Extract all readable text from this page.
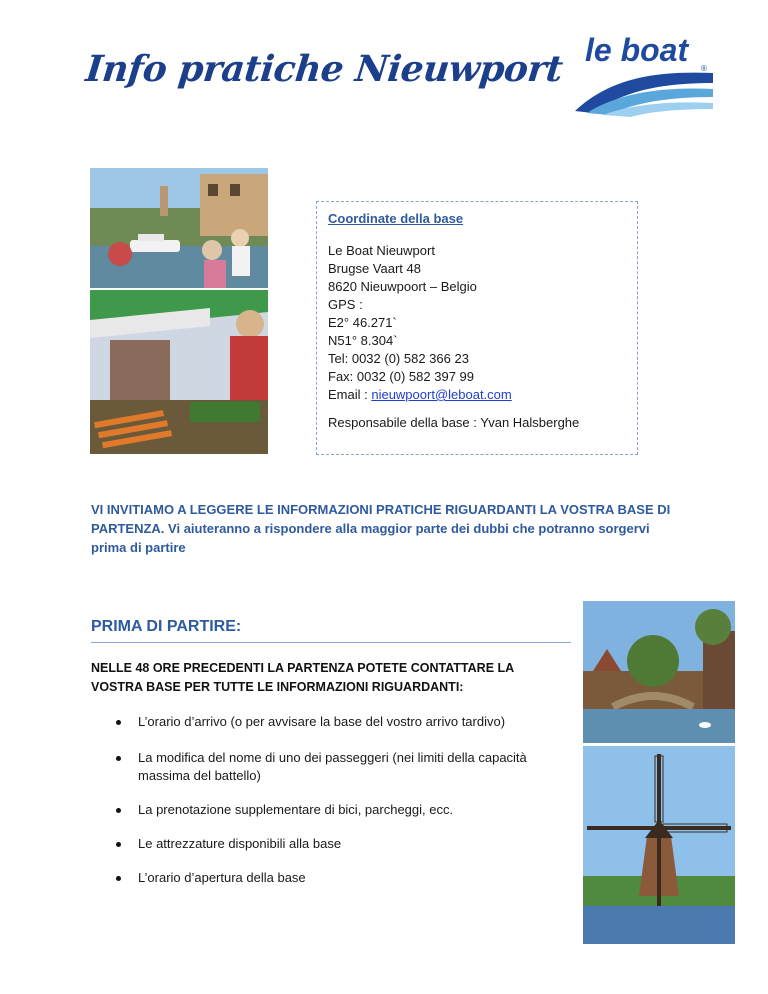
Info pratiche Nieuwport le boat
®
Coordinate della base
Le Boat Nieuwport
Brugse Vaart 48
8620 Nieuwpoort – Belgio
GPS :
E2° 46.271`
N51° 8.304`
Tel: 0032 (0) 582 366 23
Fax: 0032 (0) 582 397 99
Email : nieuwpoort@leboat.com
Responsabile della base : Yvan Halsberghe

VI INVITIAMO A LEGGERE LE INFORMAZIONI PRATICHE RIGUARDANTI LA VOSTRA BASE DI PARTENZA. Vi aiuteranno a rispondere alla maggior parte dei dubbi che potranno sorgervi prima di partire

PRIMA DI PARTIRE:
NELLE 48 ORE PRECEDENTI LA PARTENZA POTETE CONTATTARE LA VOSTRA BASE PER TUTTE LE INFORMAZIONI RIGUARDANTI:
L’orario d’arrivo (o per avvisare la base del vostro arrivo tardivo)
La modifica del nome di uno dei passeggeri (nei limiti della capacità massima del battello)
La prenotazione supplementare di bici, parcheggi, ecc.
Le attrezzature disponibili alla base
L’orario d’apertura della base
